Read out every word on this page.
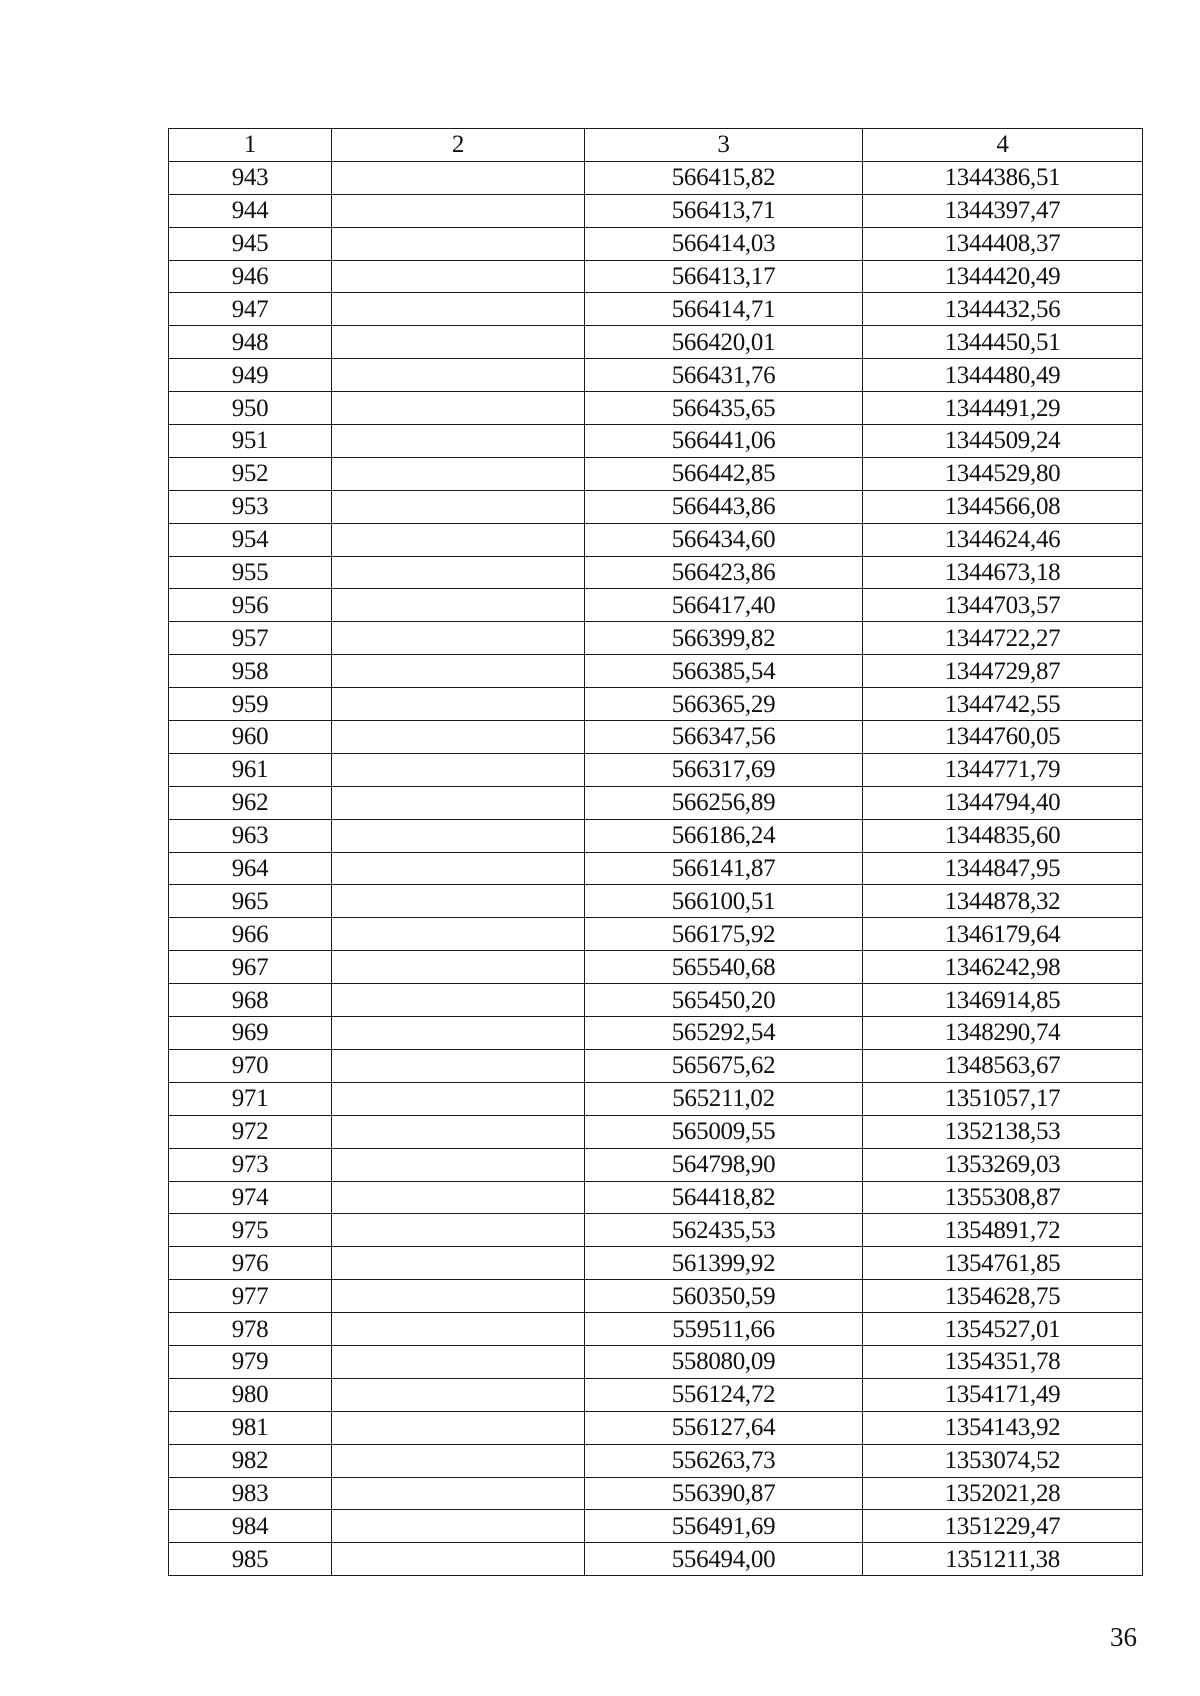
1	2	3	4
943		566415,82	1344386,51
944		566413,71	1344397,47
945		566414,03	1344408,37
946		566413,17	1344420,49
947		566414,71	1344432,56
948		566420,01	1344450,51
949		566431,76	1344480,49
950		566435,65	1344491,29
951		566441,06	1344509,24
952		566442,85	1344529,80
953		566443,86	1344566,08
954		566434,60	1344624,46
955		566423,86	1344673,18
956		566417,40	1344703,57
957		566399,82	1344722,27
958		566385,54	1344729,87
959		566365,29	1344742,55
960		566347,56	1344760,05
961		566317,69	1344771,79
962		566256,89	1344794,40
963		566186,24	1344835,60
964		566141,87	1344847,95
965		566100,51	1344878,32
966		566175,92	1346179,64
967		565540,68	1346242,98
968		565450,20	1346914,85
969		565292,54	1348290,74
970		565675,62	1348563,67
971		565211,02	1351057,17
972		565009,55	1352138,53
973		564798,90	1353269,03
974		564418,82	1355308,87
975		562435,53	1354891,72
976		561399,92	1354761,85
977		560350,59	1354628,75
978		559511,66	1354527,01
979		558080,09	1354351,78
980		556124,72	1354171,49
981		556127,64	1354143,92
982		556263,73	1353074,52
983		556390,87	1352021,28
984		556491,69	1351229,47
985		556494,00	1351211,38
36
